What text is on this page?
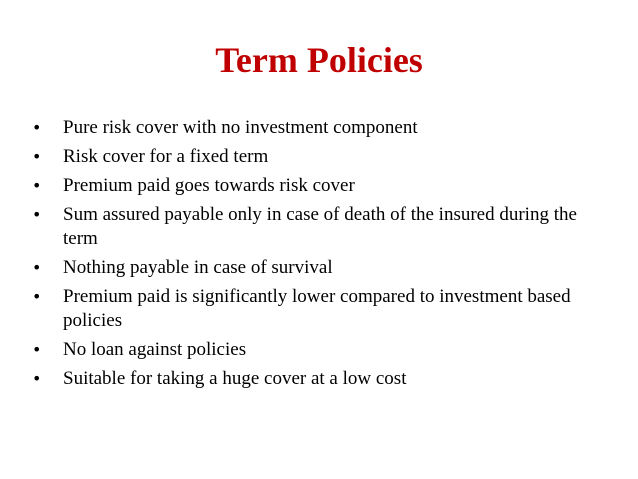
Term Policies
•	Pure risk cover with no investment component
•	Risk cover for a fixed term
•	Premium paid goes towards risk cover
•	Sum assured payable only in case of death of the insured during the term
•	Nothing payable in case of survival
•	Premium paid is significantly lower compared to investment based policies
•	No loan against policies
•	Suitable for taking a huge cover at a low cost
